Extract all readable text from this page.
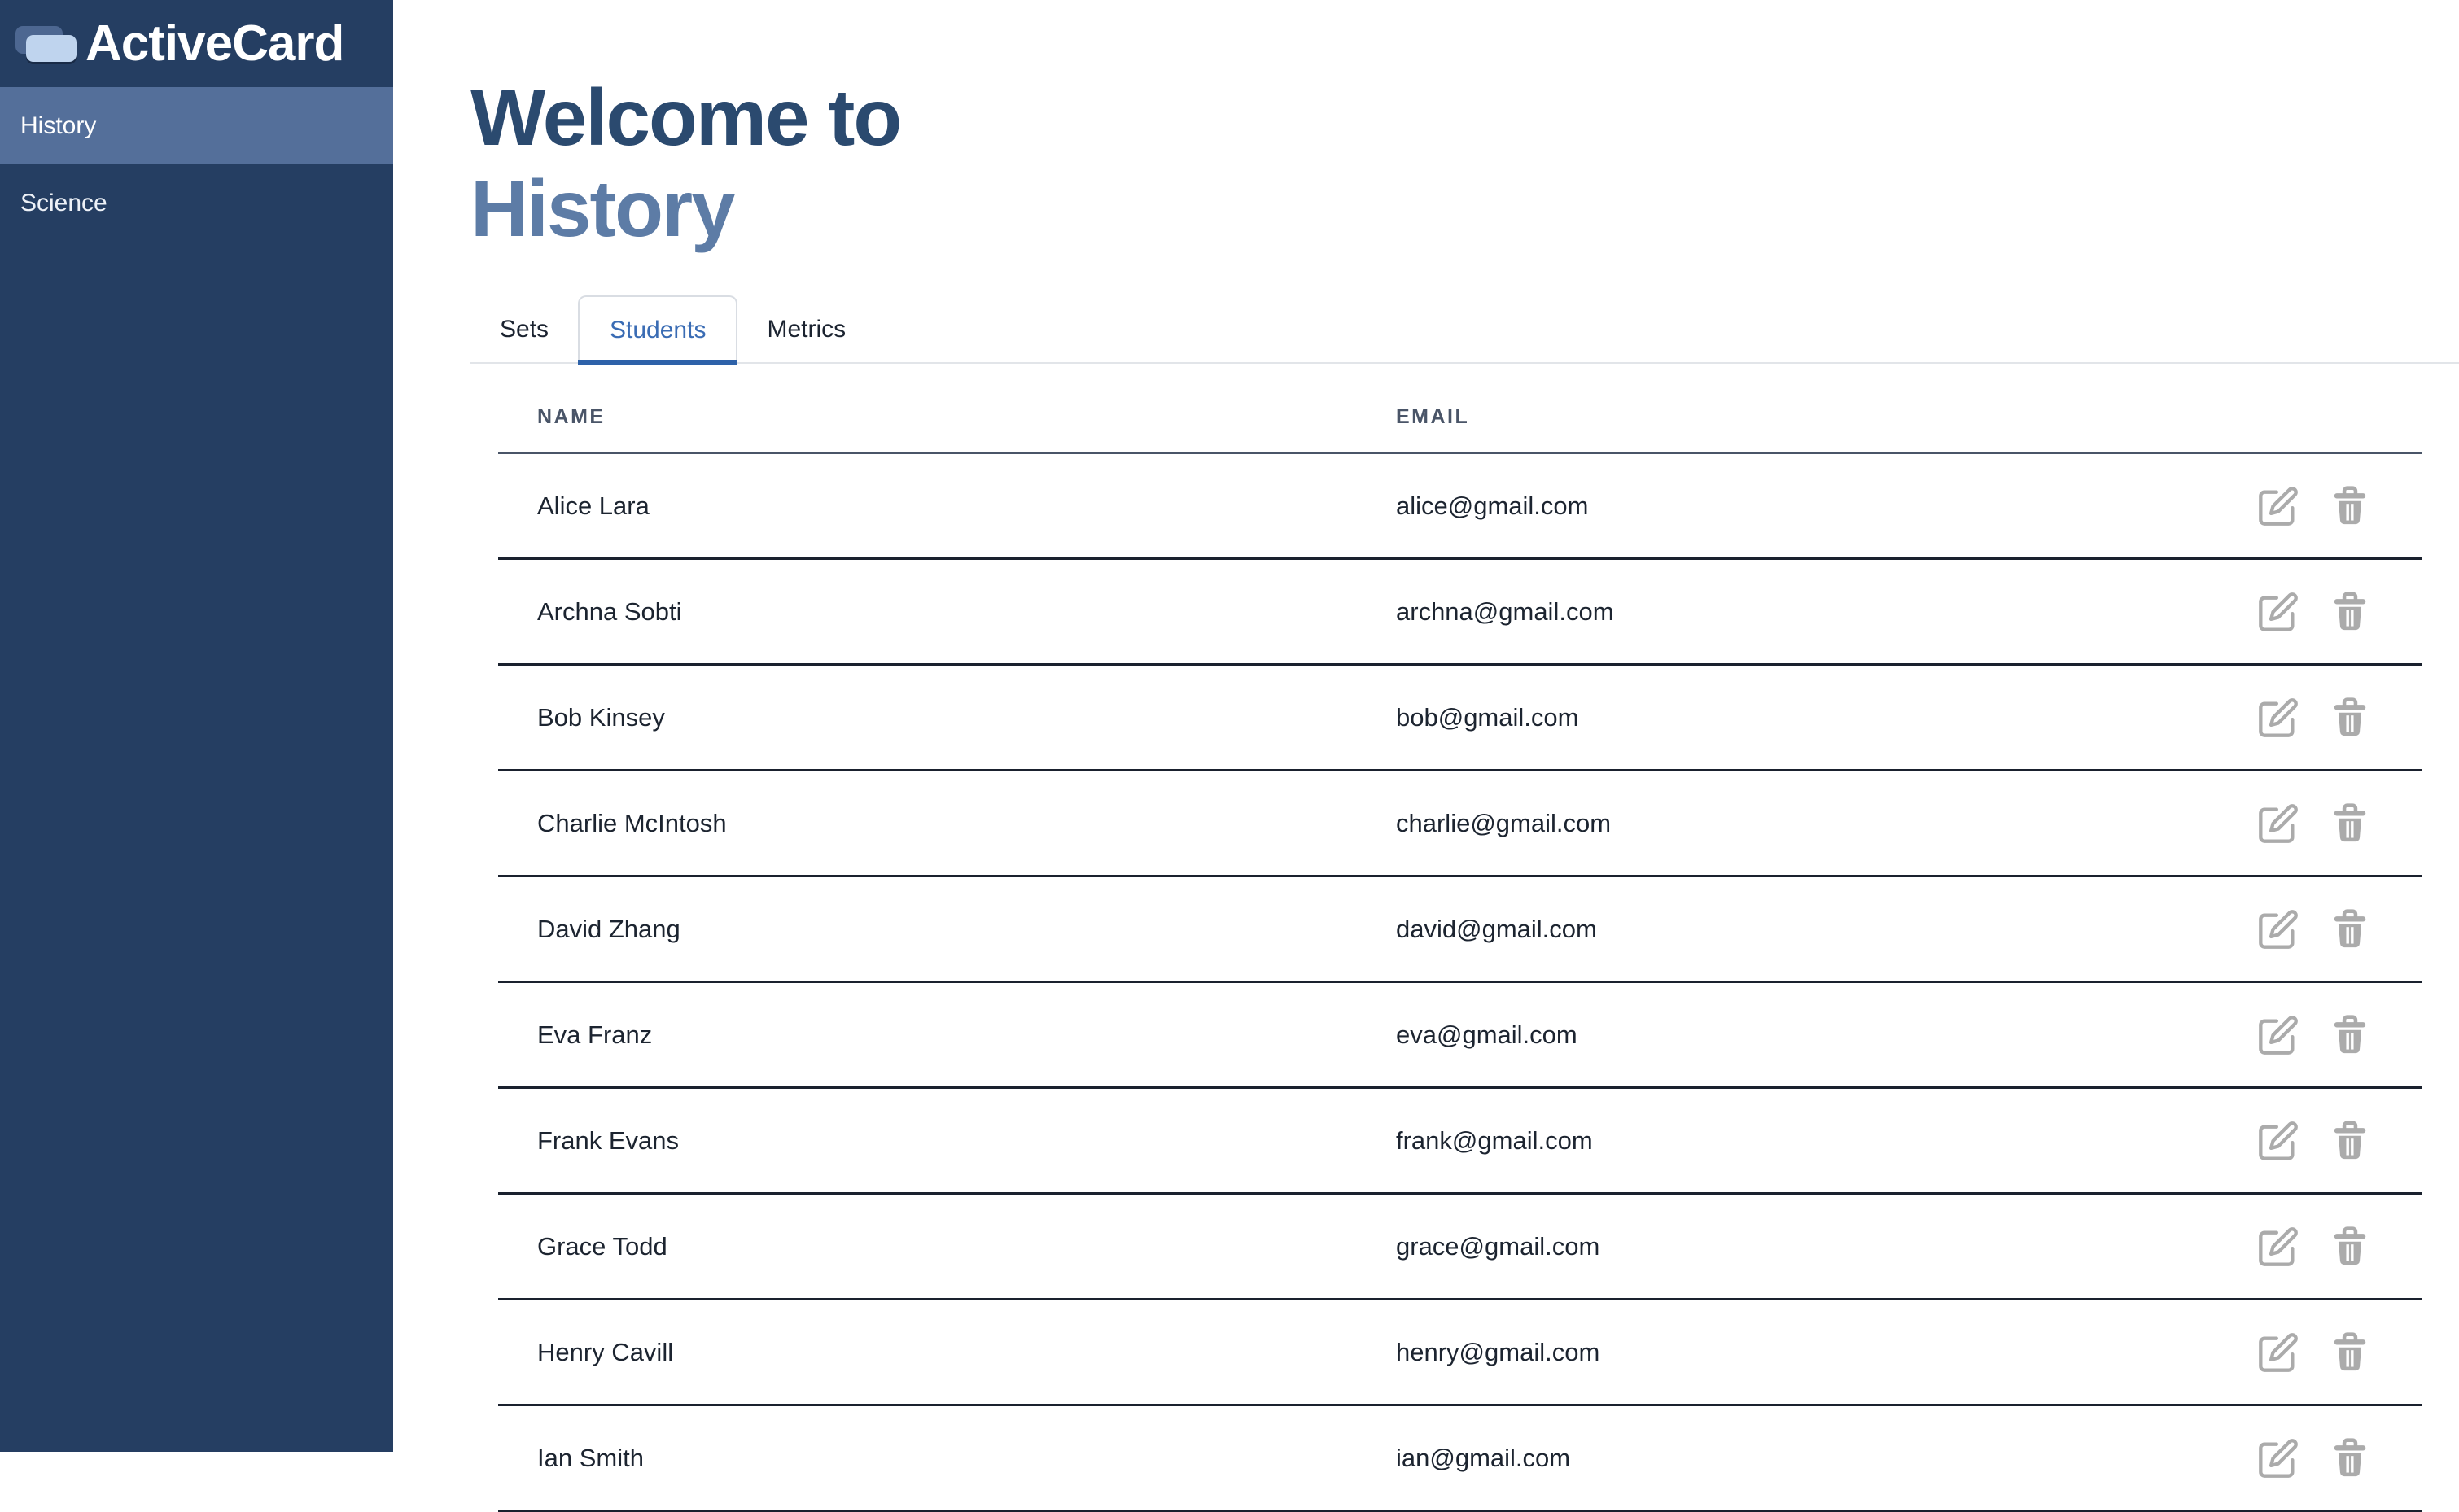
ActiveCard
History
Science
Welcome to
History
Sets	Students	Metrics
NAME	EMAIL
Alice Lara	alice@gmail.com
Archna Sobti	archna@gmail.com
Bob Kinsey	bob@gmail.com
Charlie McIntosh	charlie@gmail.com
David Zhang	david@gmail.com
Eva Franz	eva@gmail.com
Frank Evans	frank@gmail.com
Grace Todd	grace@gmail.com
Henry Cavill	henry@gmail.com
Ian Smith	ian@gmail.com
